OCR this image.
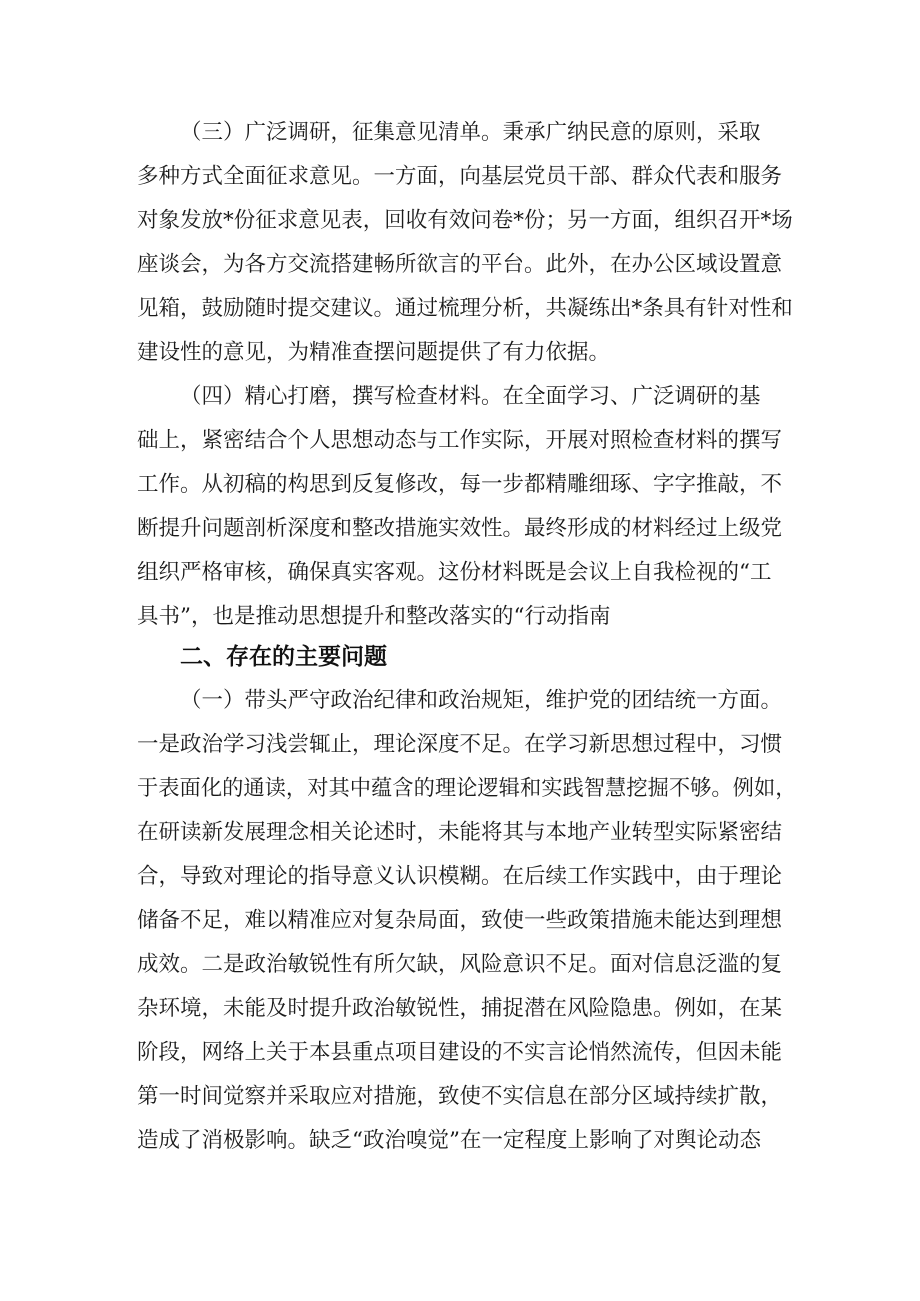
（三）广泛调研，征集意见清单。秉承广纳民意的原则，采取
多种方式全面征求意见。一方面，向基层党员干部、群众代表和服务
对象发放*份征求意见表，回收有效问卷*份；另一方面，组织召开*场
座谈会，为各方交流搭建畅所欲言的平台。此外，在办公区域设置意
见箱，鼓励随时提交建议。通过梳理分析，共凝练出*条具有针对性和
建设性的意见，为精准查摆问题提供了有力依据。
（四）精心打磨，撰写检查材料。在全面学习、广泛调研的基
础上，紧密结合个人思想动态与工作实际，开展对照检查材料的撰写
工作。从初稿的构思到反复修改，每一步都精雕细琢、字字推敲，不
断提升问题剖析深度和整改措施实效性。最终形成的材料经过上级党
组织严格审核，确保真实客观。这份材料既是会议上自我检视的“工
具书”，也是推动思想提升和整改落实的“行动指南
二、存在的主要问题
（一）带头严守政治纪律和政治规矩，维护党的团结统一方面。
一是政治学习浅尝辄止，理论深度不足。在学习新思想过程中，习惯
于表面化的通读，对其中蕴含的理论逻辑和实践智慧挖掘不够。例如，
在研读新发展理念相关论述时，未能将其与本地产业转型实际紧密结
合，导致对理论的指导意义认识模糊。在后续工作实践中，由于理论
储备不足，难以精准应对复杂局面，致使一些政策措施未能达到理想
成效。二是政治敏锐性有所欠缺，风险意识不足。面对信息泛滥的复
杂环境，未能及时提升政治敏锐性，捕捉潜在风险隐患。例如，在某
阶段，网络上关于本县重点项目建设的不实言论悄然流传，但因未能
第一时间觉察并采取应对措施，致使不实信息在部分区域持续扩散，
造成了消极影响。缺乏“政治嗅觉”在一定程度上影响了对舆论动态
